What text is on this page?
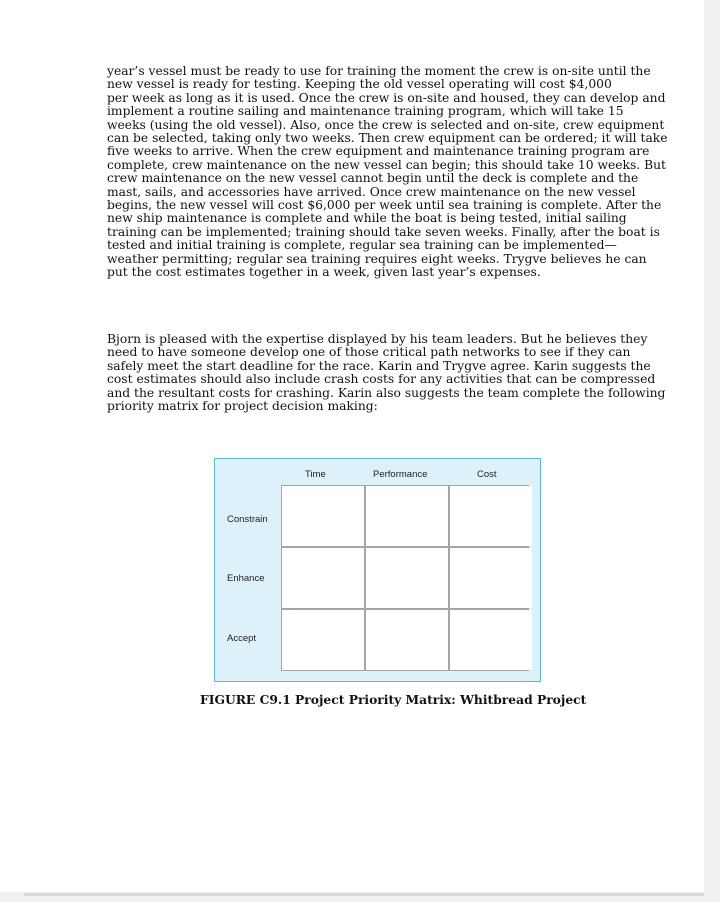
year’s vessel must be ready to use for training the moment the crew is on-site until the
new vessel is ready for testing. Keeping the old vessel operating will cost $4,000
per week as long as it is used. Once the crew is on-site and housed, they can develop and
implement a routine sailing and maintenance training program, which will take 15
weeks (using the old vessel). Also, once the crew is selected and on-site, crew equipment
can be selected, taking only two weeks. Then crew equipment can be ordered; it will take
five weeks to arrive. When the crew equipment and maintenance training program are
complete, crew maintenance on the new vessel can begin; this should take 10 weeks. But
crew maintenance on the new vessel cannot begin until the deck is complete and the
mast, sails, and accessories have arrived. Once crew maintenance on the new vessel
begins, the new vessel will cost $6,000 per week until sea training is complete. After the
new ship maintenance is complete and while the boat is being tested, initial sailing
training can be implemented; training should take seven weeks. Finally, after the boat is
tested and initial training is complete, regular sea training can be implemented—
weather permitting; regular sea training requires eight weeks. Trygve believes he can
put the cost estimates together in a week, given last year’s expenses.

Bjorn is pleased with the expertise displayed by his team leaders. But he believes they
need to have someone develop one of those critical path networks to see if they can
safely meet the start deadline for the race. Karin and Trygve agree. Karin suggests the
cost estimates should also include crash costs for any activities that can be compressed
and the resultant costs for crashing. Karin also suggests the team complete the following
priority matrix for project decision making:

Time	Performance	Cost
Constrain
Enhance
Accept
FIGURE C9.1 Project Priority Matrix: Whitbread Project
